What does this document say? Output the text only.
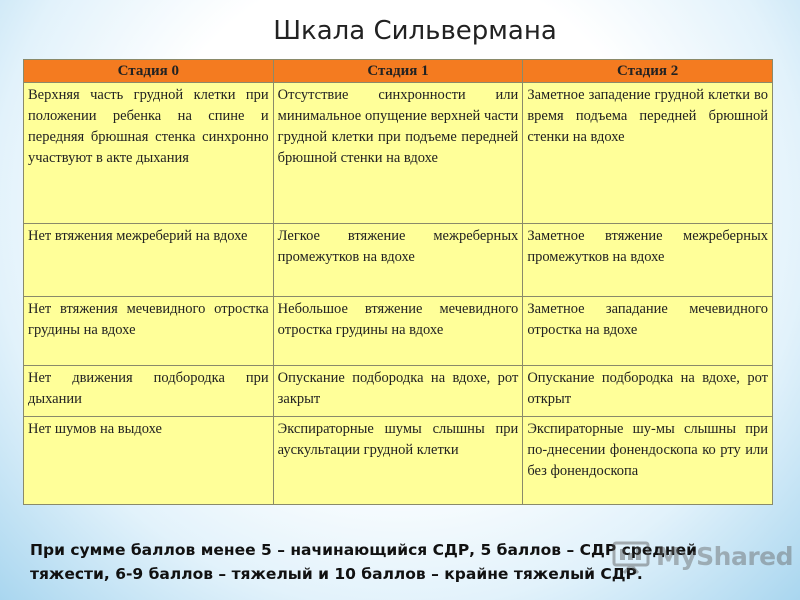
Шкала Сильвермана
Стадия 0	Стадия 1	Стадия 2
Верхняя часть грудной клетки при положении ребенка на спине и передняя брюшная стенка синхронно участвуют в акте дыхания	Отсутствие синхронности или минимальное опущение верхней части грудной клетки при подъеме передней брюшной стенки на вдохе	Заметное западение грудной клетки во время подъема передней брюшной стенки на вдохе
Нет втяжения межреберий на вдохе	Легкое втяжение межреберных промежутков на вдохе	Заметное втяжение межреберных промежутков на вдохе
Нет втяжения мечевидного отростка грудины на вдохе	Небольшое втяжение мечевидного отростка грудины на вдохе	Заметное западание мечевидного отростка на вдохе
Нет движения подбородка при дыхании	Опускание подбородка на вдохе, рот закрыт	Опускание подбородка на вдохе, рот открыт
Нет шумов на выдохе	Экспираторные шумы слышны при аускультации грудной клетки	Экспираторные шу-мы слышны при по-днесении фонендоскопа ко рту или без фонендоскопа
При сумме баллов менее 5 – начинающийся СДР, 5 баллов – СДР средней
тяжести, 6-9 баллов – тяжелый и 10 баллов – крайне тяжелый СДР.
MyShared
